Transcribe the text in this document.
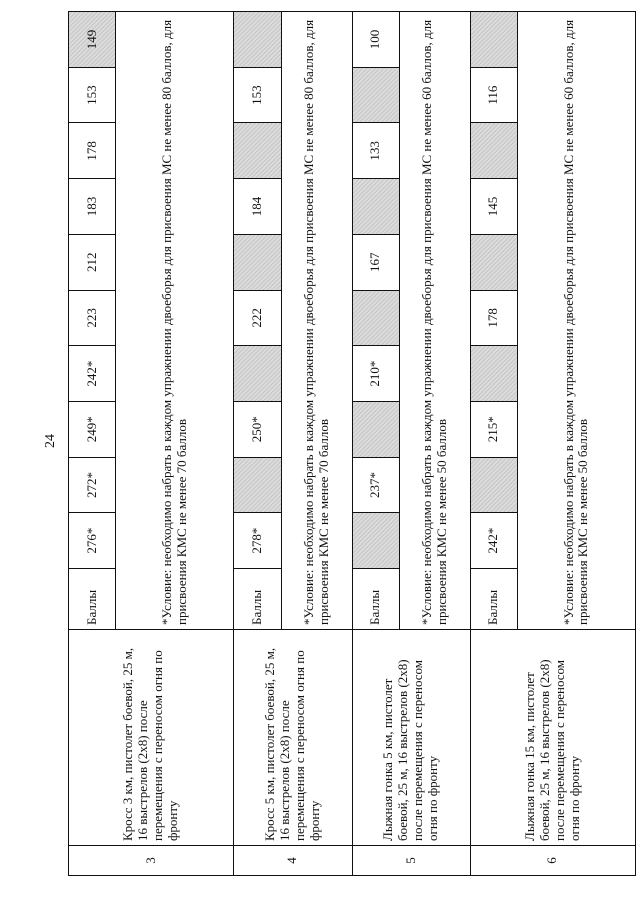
24
3	Кросс 3 км, пистолет боевой, 25 м, 16 выстрелов (2х8) после перемещения с переносом огня по фронту	Баллы	276*	272*	249*	242*	223	212	183	178	153	149

		*Условие: необходимо набрать в каждом упражнении двоеборья для присвоения МС не менее 80 баллов, для присвоения КМС не менее 70 баллов										

4	Кросс 5 км, пистолет боевой, 25 м, 16 выстрелов (2х8) после перемещения с переносом огня по фронту	Баллы	278*		250*		222		184		153	

		*Условие: необходимо набрать в каждом упражнении двоеборья для присвоения МС не менее 80 баллов, для присвоения КМС не менее 70 баллов										

5	Лыжная гонка 5 км, пистолет боевой, 25 м, 16 выстрелов (2х8) после перемещения с переносом огня по фронту	Баллы		237*		210*		167		133		100

		*Условие: необходимо набрать в каждом упражнении двоеборья для присвоения МС не менее 60 баллов, для присвоения КМС не менее 50 баллов										

6	Лыжная гонка 15 км, пистолет боевой, 25 м, 16 выстрелов (2х8) после перемещения с переносом огня по фронту	Баллы	242*		215*		178		145		116	

		*Условие: необходимо набрать в каждом упражнении двоеборья для присвоения МС не менее 60 баллов, для присвоения КМС не менее 50 баллов										
